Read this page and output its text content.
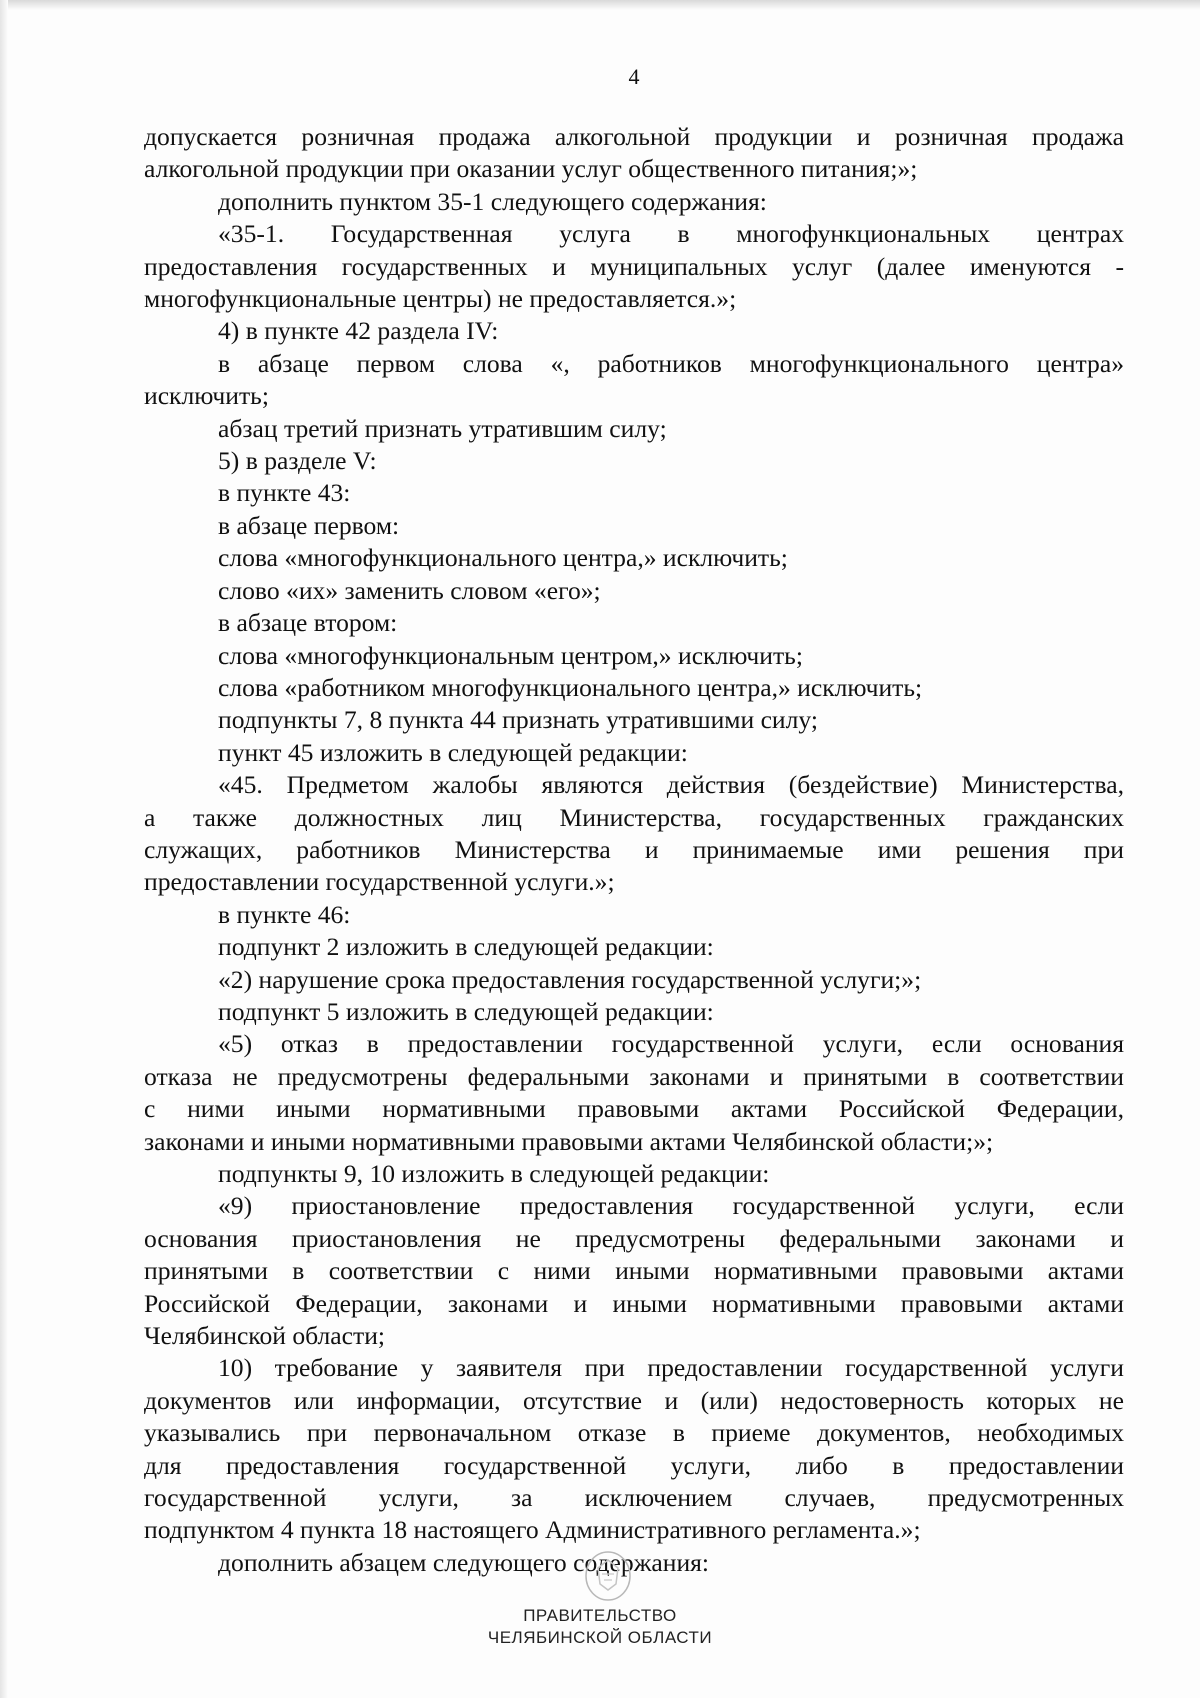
4
допускается розничная продажа алкогольной продукции и розничная продажа
алкогольной продукции при оказании услуг общественного питания;»;
дополнить пунктом 35-1 следующего содержания:
«35-1. Государственная услуга в многофункциональных центрах
предоставления государственных и муниципальных услуг (далее именуются -
многофункциональные центры) не предоставляется.»;
4) в пункте 42 раздела IV:
в абзаце первом слова «, работников многофункционального центра»
исключить;
абзац третий признать утратившим силу;
5) в разделе V:
в пункте 43:
в абзаце первом:
слова «многофункционального центра,» исключить;
слово «их» заменить словом «его»;
в абзаце втором:
слова «многофункциональным центром,» исключить;
слова «работником многофункционального центра,» исключить;
подпункты 7, 8 пункта 44 признать утратившими силу;
пункт 45 изложить в следующей редакции:
«45. Предметом жалобы являются действия (бездействие) Министерства,
а также должностных лиц Министерства, государственных гражданских
служащих, работников Министерства и принимаемые ими решения при
предоставлении государственной услуги.»;
в пункте 46:
подпункт 2 изложить в следующей редакции:
«2) нарушение срока предоставления государственной услуги;»;
подпункт 5 изложить в следующей редакции:
«5) отказ в предоставлении государственной услуги, если основания
отказа не предусмотрены федеральными законами и принятыми в соответствии
с ними иными нормативными правовыми актами Российской Федерации,
законами и иными нормативными правовыми актами Челябинской области;»;
подпункты 9, 10 изложить в следующей редакции:
«9) приостановление предоставления государственной услуги, если
основания приостановления не предусмотрены федеральными законами и
принятыми в соответствии с ними иными нормативными правовыми актами
Российской Федерации, законами и иными нормативными правовыми актами
Челябинской области;
10) требование у заявителя при предоставлении государственной услуги
документов или информации, отсутствие и (или) недостоверность которых не
указывались при первоначальном отказе в приеме документов, необходимых
для предоставления государственной услуги, либо в предоставлении
государственной услуги, за исключением случаев, предусмотренных
подпунктом 4 пункта 18 настоящего Административного регламента.»;
дополнить абзацем следующего содержания:
ПРАВИТЕЛЬСТВО
ЧЕЛЯБИНСКОЙ ОБЛАСТИ
